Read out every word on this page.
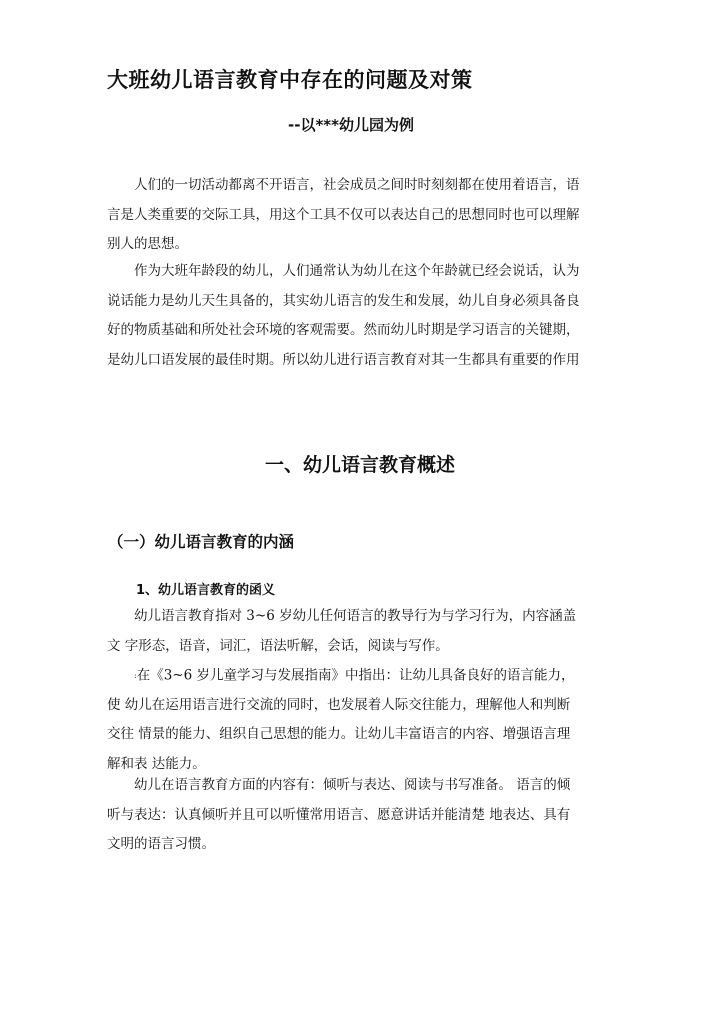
大班幼儿语言教育中存在的问题及对策
--以***幼儿园为例
人们的一切活动都离不开语言，社会成员之间时时刻刻都在使用着语言，语
言是人类重要的交际工具，用这个工具不仅可以表达自己的思想同时也可以理解
别人的思想。
作为大班年龄段的幼儿，人们通常认为幼儿在这个年龄就已经会说话，认为
说话能力是幼儿天生具备的，其实幼儿语言的发生和发展，幼儿自身必须具备良
好的物质基础和所处社会环境的客观需要。然而幼儿时期是学习语言的关键期，
是幼儿口语发展的最佳时期。所以幼儿进行语言教育对其一生都具有重要的作用
一、幼儿语言教育概述
（一）幼儿语言教育的内涵
1、幼儿语言教育的函义
幼儿语言教育指对 3~6 岁幼儿任何语言的教导行为与学习行为，内容涵盖
文 字形态，语音，词汇，语法听解，会话，阅读与写作。
:在《3~6 岁儿童学习与发展指南》中指出：让幼儿具备良好的语言能力，
使 幼儿在运用语言进行交流的同时，也发展着人际交往能力，理解他人和判断
交往 情景的能力、组织自己思想的能力。让幼儿丰富语言的内容、增强语言理
解和表 达能力。
幼儿在语言教育方面的内容有：倾听与表达、阅读与书写准备。 语言的倾
听与表达：认真倾听并且可以听懂常用语言、愿意讲话并能清楚 地表达、具有
文明的语言习惯。
